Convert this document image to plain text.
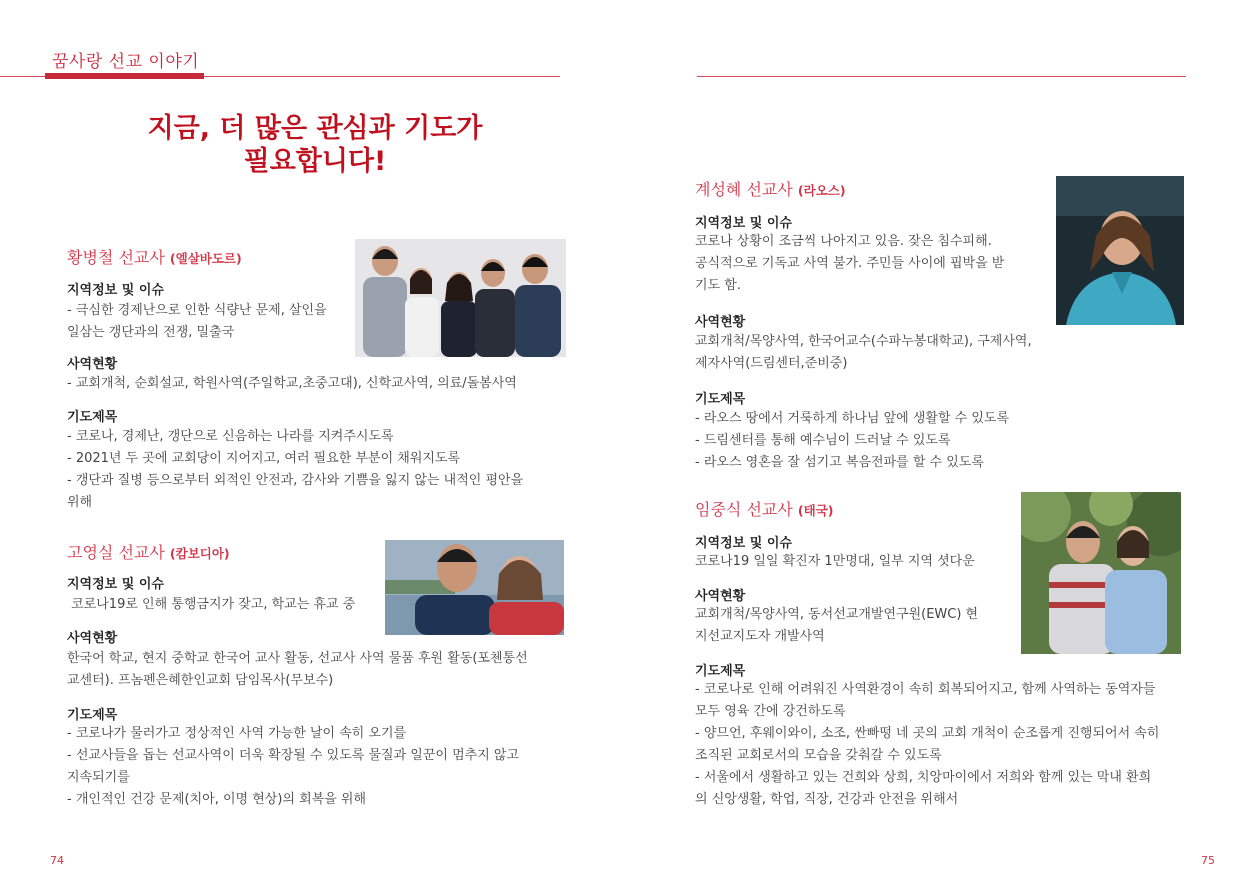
꿈사랑 선교 이야기
지금, 더 많은 관심과 기도가
필요합니다!
황병철 선교사 (엘살바도르)
지역정보 및 이슈
- 극심한 경제난으로 인한 식량난 문제, 살인을
일삼는 갱단과의 전쟁, 밀출국
사역현황
- 교회개척, 순회설교, 학원사역(주일학교,초중고대), 신학교사역, 의료/돌봄사역
기도제목
- 코로나, 경제난, 갱단으로 신음하는 나라를 지켜주시도록
- 2021년 두 곳에 교회당이 지어지고, 여러 필요한 부분이 채워지도록
- 갱단과 질병 등으로부터 외적인 안전과, 감사와 기쁨을 잃지 않는 내적인 평안을
위해
고영실 선교사 (캄보디아)
지역정보 및 이슈
코로나19로 인해 통행금지가 잦고, 학교는 휴교 중
사역현황
한국어 학교, 현지 중학교 한국어 교사 활동, 선교사 사역 물품 후원 활동(포첸통선
교센터). 프놈펜은혜한인교회 담임목사(무보수)
기도제목
- 코로나가 물러가고 정상적인 사역 가능한 날이 속히 오기를
- 선교사들을 돕는 선교사역이 더욱 확장될 수 있도록 물질과 일꾼이 멈추지 않고
지속되기를
- 개인적인 건강 문제(치아, 이명 현상)의 회복을 위해
74
계성혜 선교사 (라오스)
지역정보 및 이슈
코로나 상황이 조금씩 나아지고 있음. 잦은 침수피해.
공식적으로 기독교 사역 불가. 주민들 사이에 핍박을 받
기도 함.
사역현황
교회개척/목양사역, 한국어교수(수파누봉대학교), 구제사역,
제자사역(드림센터,준비중)
기도제목
- 라오스 땅에서 거룩하게 하나님 앞에 생활할 수 있도록
- 드림센터를 통해 예수님이 드러날 수 있도록
- 라오스 영혼을 잘 섬기고 복음전파를 할 수 있도록
임중식 선교사 (태국)
지역정보 및 이슈
코로나19 일일 확진자 1만명대, 일부 지역 셧다운
사역현황
교회개척/목양사역, 동서선교개발연구원(EWC) 현
지선교지도자 개발사역
기도제목
- 코로나로 인해 어려워진 사역환경이 속히 회복되어지고, 함께 사역하는 동역자들
모두 영육 간에 강건하도록
- 양므언, 후웨이와이, 소조, 싼빠떵 네 곳의 교회 개척이 순조롭게 진행되어서 속히
조직된 교회로서의 모습을 갖춰갈 수 있도록
- 서울에서 생활하고 있는 건희와 상희, 치앙마이에서 저희와 함께 있는 막내 환희
의 신앙생활, 학업, 직장, 건강과 안전을 위해서
75
